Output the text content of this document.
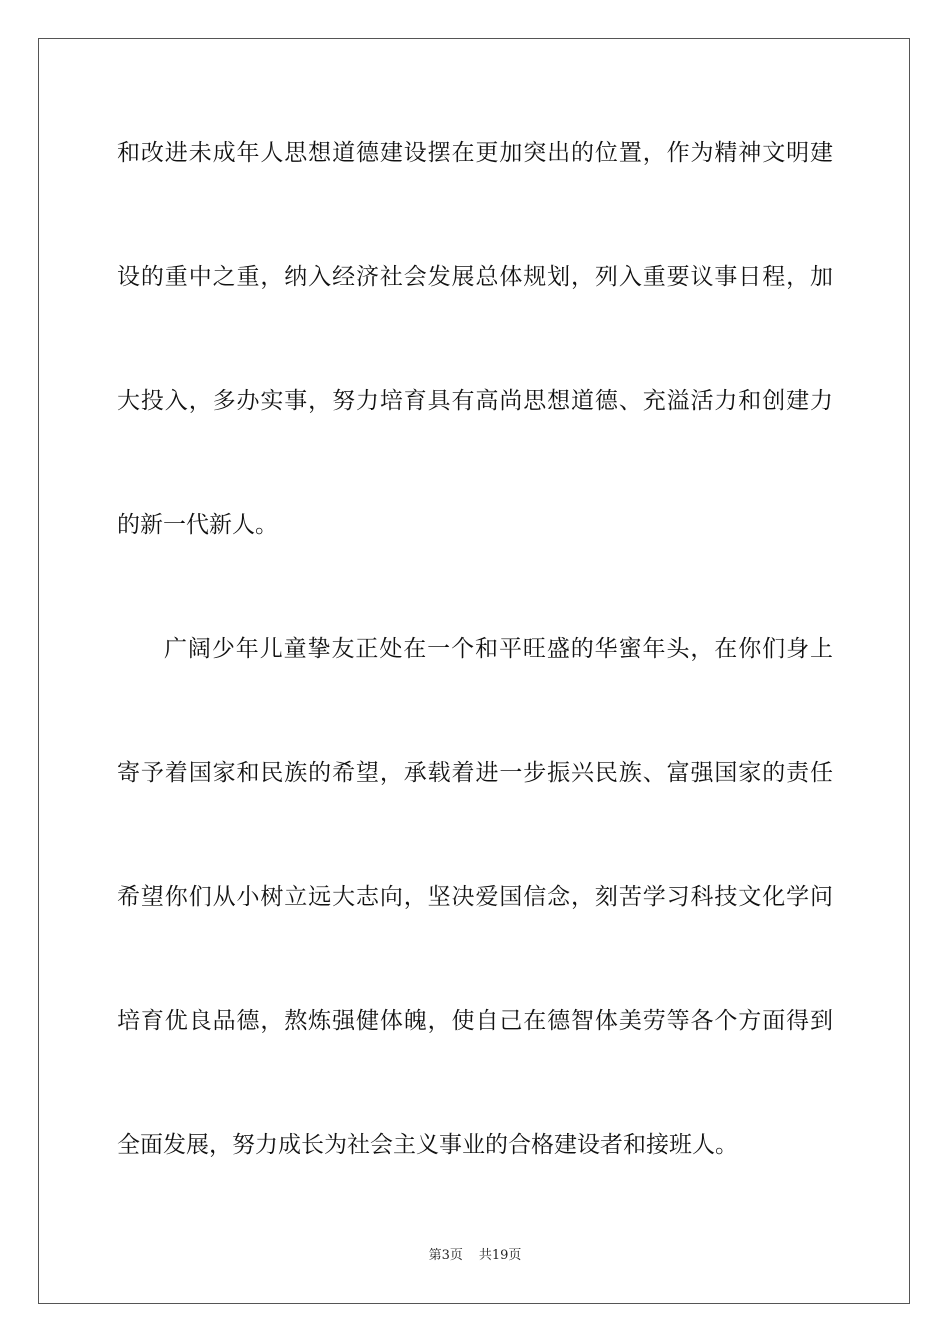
和改进未成年人思想道德建设摆在更加突出的位置，作为精神文明建
设的重中之重，纳入经济社会发展总体规划，列入重要议事日程，加
大投入，多办实事，努力培育具有高尚思想道德、充溢活力和创建力
的新一代新人。
广阔少年儿童挚友正处在一个和平旺盛的华蜜年头，在你们身上
寄予着国家和民族的希望，承载着进一步振兴民族、富强国家的责任
希望你们从小树立远大志向，坚决爱国信念，刻苦学习科技文化学问
培育优良品德，熬炼强健体魄，使自己在德智体美劳等各个方面得到
全面发展，努力成长为社会主义事业的合格建设者和接班人。
第3页 共19页
